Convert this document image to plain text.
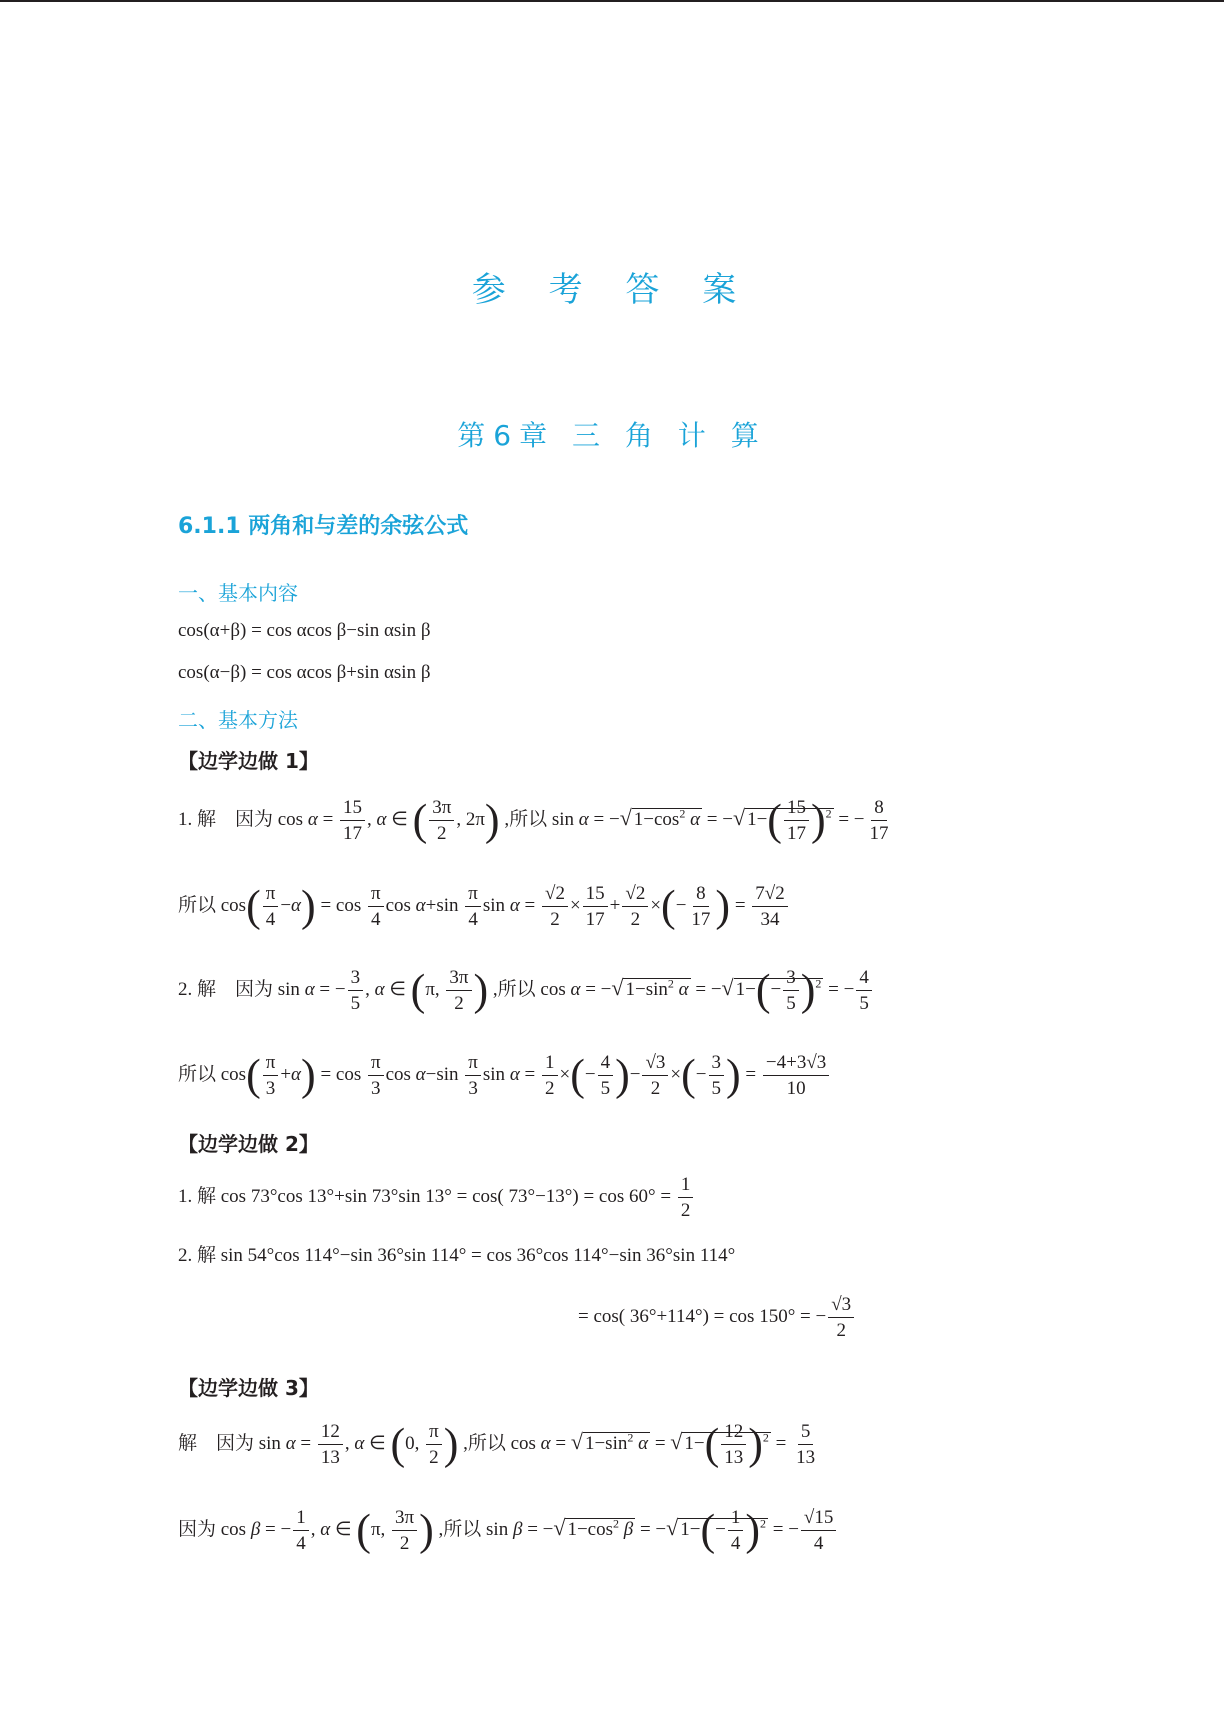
参 考 答 案
第6章 三 角 计 算
6.1.1 两角和与差的余弦公式
一、基本内容
cos(α+β) = cos αcos β−sin αsin β
cos(α−β) = cos αcos β+sin αsin β
二、基本方法
【边学边做 1】
1. 解    因为 $\cos \alpha = \frac{15}{17}$ , α ∈ ( $\frac{3\pi}{2}$ , 2π) ,所以 sin α = −√ $1-\cos^2$ α = −√ $1-( \frac{15}{17} )^2$ = − $\frac{8}{17}$
所以 $\cos( \frac{\pi}{4} -\alpha) = \cos \frac{\pi}{4}$ $\cos \alpha+\sin \frac{\pi}{4}$ $\sin \alpha = \frac{√2}{2} \times \frac{15}{17} + \frac{√2}{2}$ ×(− $\frac{8}{17}$ ) = $\frac{7√2}{34}$
2. 解    因为 sin α = − $\frac{3}{5}$ , α ∈ (π, $\frac{3\pi}{2}$ ) ,所以 cos α = −√ $1-\sin^2$ α = −√ $1-(- \frac{3}{5} )^2$ = − $\frac{4}{5}$
所以 $\cos( \frac{\pi}{3} +\alpha) = \cos \frac{\pi}{3}$ $\cos \alpha-\sin \frac{\pi}{3}$ $\sin \alpha = \frac{1}{2}$ ×(− $\frac{4}{5}$ )− $\frac{√3}{2}$ ×(− $\frac{3}{5}$ ) = $\frac{-4+3√3}{10}$
【边学边做 2】
1. 解 cos 73°cos 13°+sin 73°sin 13° = cos( $73^\circ-13^\circ) = \cos 60^\circ = \frac{1}{2}$
2. 解 sin 54°cos 114°−sin 36°sin 114° = cos 36°cos 114°−sin 36°sin 114°
= cos( 36°+114°) = cos 150° = − $\frac{√3}{2}$
【边学边做 3】
解    因为 $\sin \alpha = \frac{12}{13}$ , α ∈ (0, $\frac{\pi}{2}$ ) ,所以 cos α = √ $1-\sin^2$ α = √ $1-( \frac{12}{13} )^2 = \frac{5}{13}$
因为 cos β = − $\frac{1}{4}$ , α ∈ (π, $\frac{3\pi}{2}$ ) ,所以 sin β = −√ $1-\cos^2$ β = −√ $1-(- \frac{1}{4} )^2$ = − $\frac{√15}{4}$
